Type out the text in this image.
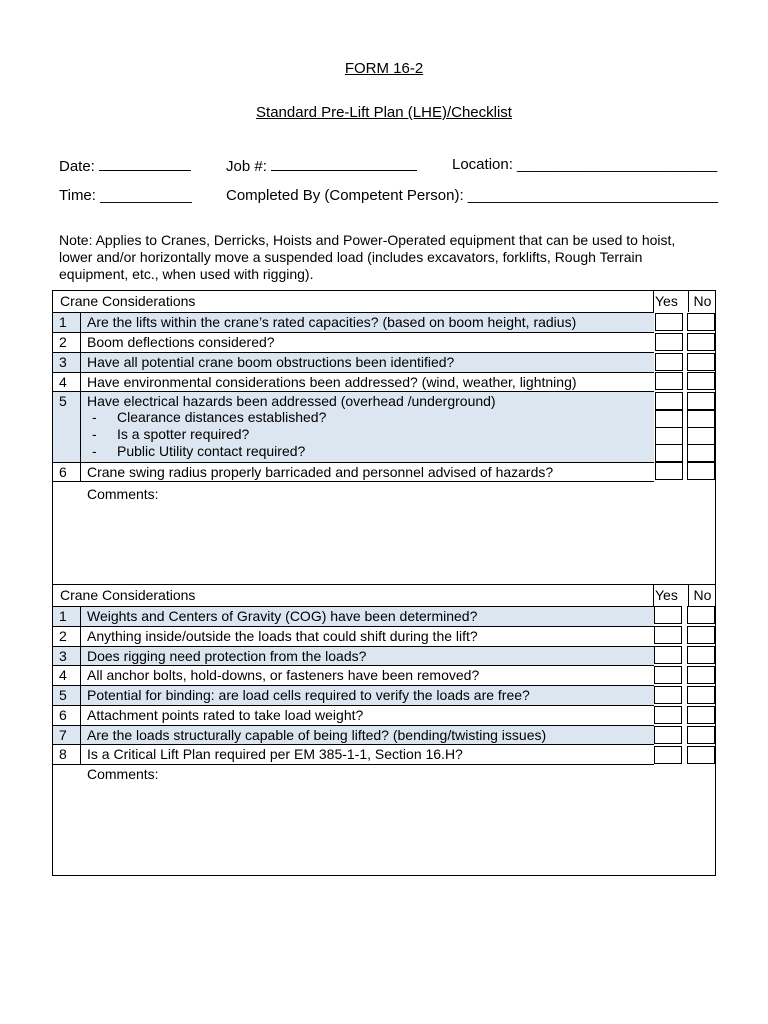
FORM 16-2
Standard Pre-Lift Plan (LHE)/Checklist
Date:	Job #:	Location: ________________________
Time: ___________ Completed By (Competent Person): ______________________________
Note: Applies to Cranes, Derricks, Hoists and Power-Operated equipment that can be used to hoist, lower and/or horizontally move a suspended load (includes excavators, forklifts, Rough Terrain equipment, etc., when used with rigging).
Crane Considerations	Yes No
1 Are the lifts within the crane’s rated capacities? (based on boom height, radius)
2 Boom deflections considered?
3 Have all potential crane boom obstructions been identified?
4 Have environmental considerations been addressed? (wind, weather, lightning)
5 Have electrical hazards been addressed (overhead /underground)
- Clearance distances established?
- Is a spotter required?
- Public Utility contact required?
6 Crane swing radius properly barricaded and personnel advised of hazards?
Comments:
Crane Considerations	Yes No
1 Weights and Centers of Gravity (COG) have been determined?
2 Anything inside/outside the loads that could shift during the lift?
3 Does rigging need protection from the loads?
4 All anchor bolts, hold-downs, or fasteners have been removed?
5 Potential for binding: are load cells required to verify the loads are free?
6 Attachment points rated to take load weight?
7 Are the loads structurally capable of being lifted? (bending/twisting issues)
8 Is a Critical Lift Plan required per EM 385-1-1, Section 16.H?
Comments:
